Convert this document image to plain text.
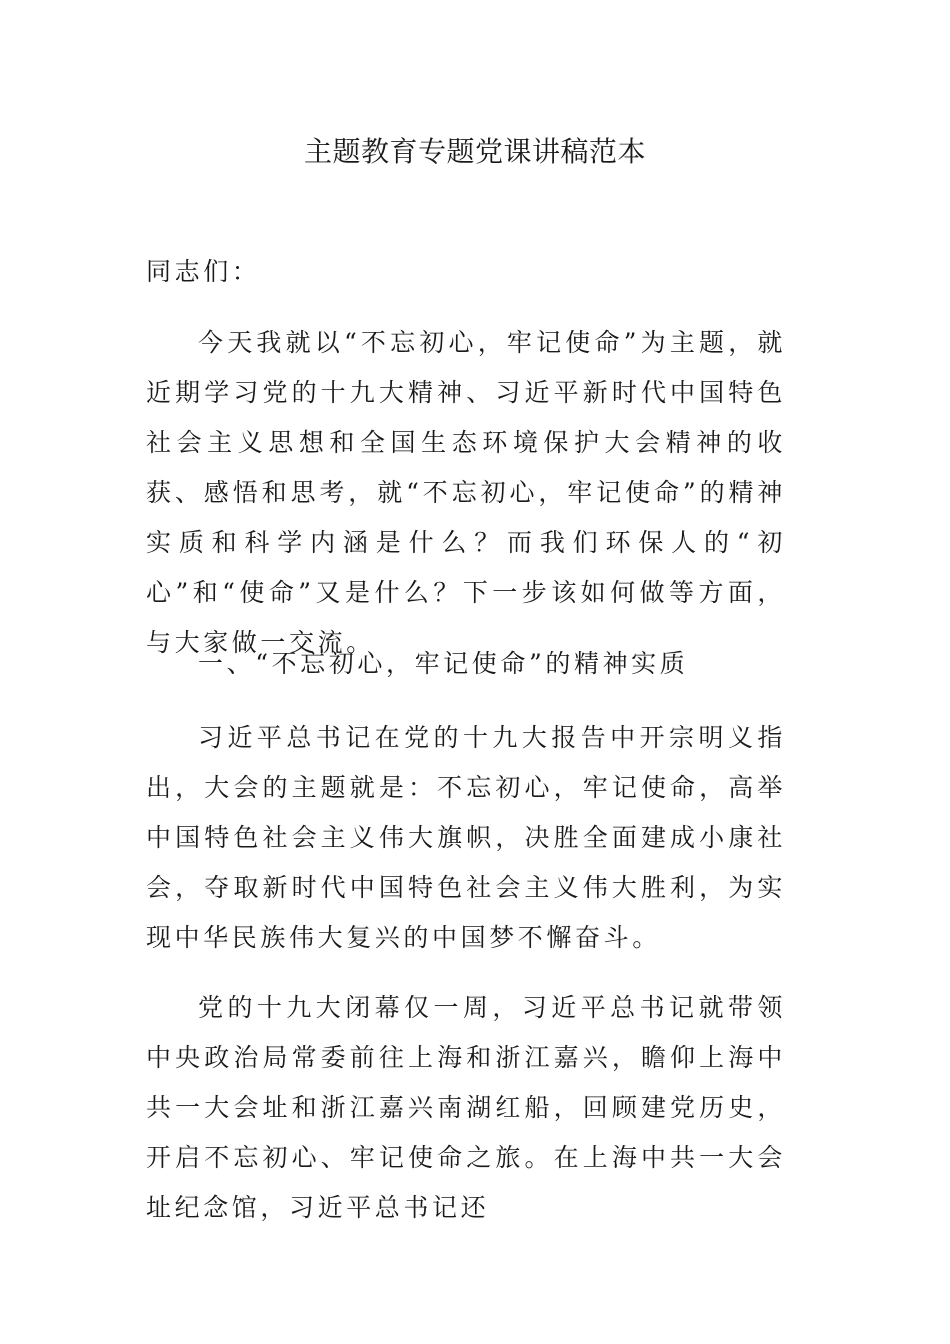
主题教育专题党课讲稿范本

同志们：

今天我就以“不忘初心，牢记使命”为主题，就近期学习党的十九大精神、习近平新时代中国特色社会主义思想和全国生态环境保护大会精神的收获、感悟和思考，就“不忘初心，牢记使命”的精神实质和科学内涵是什么？而我们环保人的“初心”和“使命”又是什么？下一步该如何做等方面，与大家做一交流。

一、“不忘初心，牢记使命”的精神实质

习近平总书记在党的十九大报告中开宗明义指出，大会的主题就是：不忘初心，牢记使命，高举中国特色社会主义伟大旗帜，决胜全面建成小康社会，夺取新时代中国特色社会主义伟大胜利，为实现中华民族伟大复兴的中国梦不懈奋斗。

党的十九大闭幕仅一周，习近平总书记就带领中央政治局常委前往上海和浙江嘉兴，瞻仰上海中共一大会址和浙江嘉兴南湖红船，回顾建党历史，开启不忘初心、牢记使命之旅。在上海中共一大会址纪念馆，习近平总书记还
